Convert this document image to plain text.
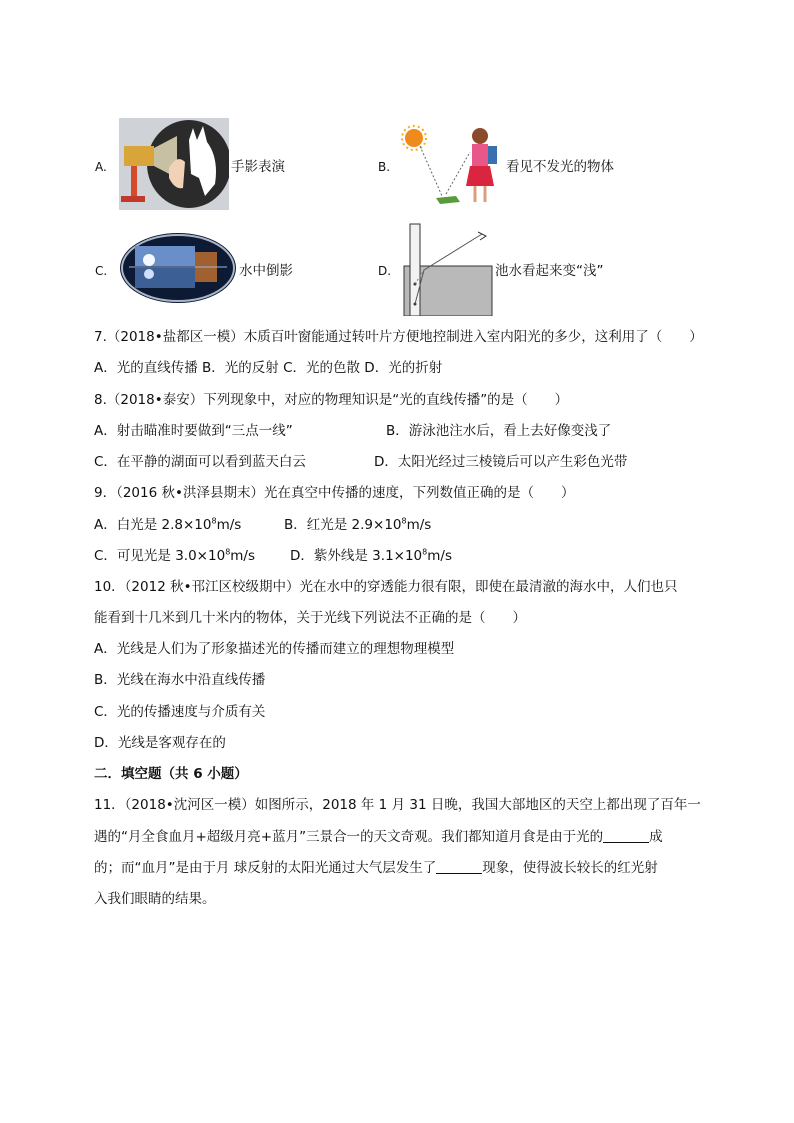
A.	手影表演	B.	看见不发光的物体
C.	水中倒影	D.	池水看起来变“浅”
7.（2018•盐都区一模）木质百叶窗能通过转叶片方便地控制进入室内阳光的多少，这利用了（　　）
A．光的直线传播 B．光的反射 C．光的色散 D．光的折射
8.（2018•泰安）下列现象中，对应的物理知识是“光的直线传播”的是（　　）
A．射击瞄准时要做到“三点一线”	B．游泳池注水后，看上去好像变浅了
C．在平静的湖面可以看到蓝天白云	D．太阳光经过三棱镜后可以产生彩色光带
9．（2016 秋•洪泽县期末）光在真空中传播的速度，下列数值正确的是（　　）
A．白光是 $2.8\times 10^8m/s$	B．红光是 $2.9\times 10^8m/s$
C．可见光是 $3.0\times 10^8m/s$	D．紫外线是 $3.1\times 10^8m/s$
10．（2012 秋•邗江区校级期中）光在水中的穿透能力很有限，即使在最清澈的海水中，人们也只
能看到十几米到几十米内的物体，关于光线下列说法不正确的是（　　）
A．光线是人们为了形象描述光的传播而建立的理想物理模型
B．光线在海水中沿直线传播
C．光的传播速度与介质有关
D．光线是客观存在的
二．填空题（共 6 小题）
11．（2018•沈河区一模）如图所示，2018 年 1 月 31 日晚，我国大部地区的天空上都出现了百年一
遇的“月全食血月+超级月亮+蓝月”三景合一的天文奇观。我们都知道月食是由于光的	成
的；而“血月”是由于月 球反射的太阳光通过大气层发生了	现象，使得波长较长的红光射
入我们眼睛的结果。
